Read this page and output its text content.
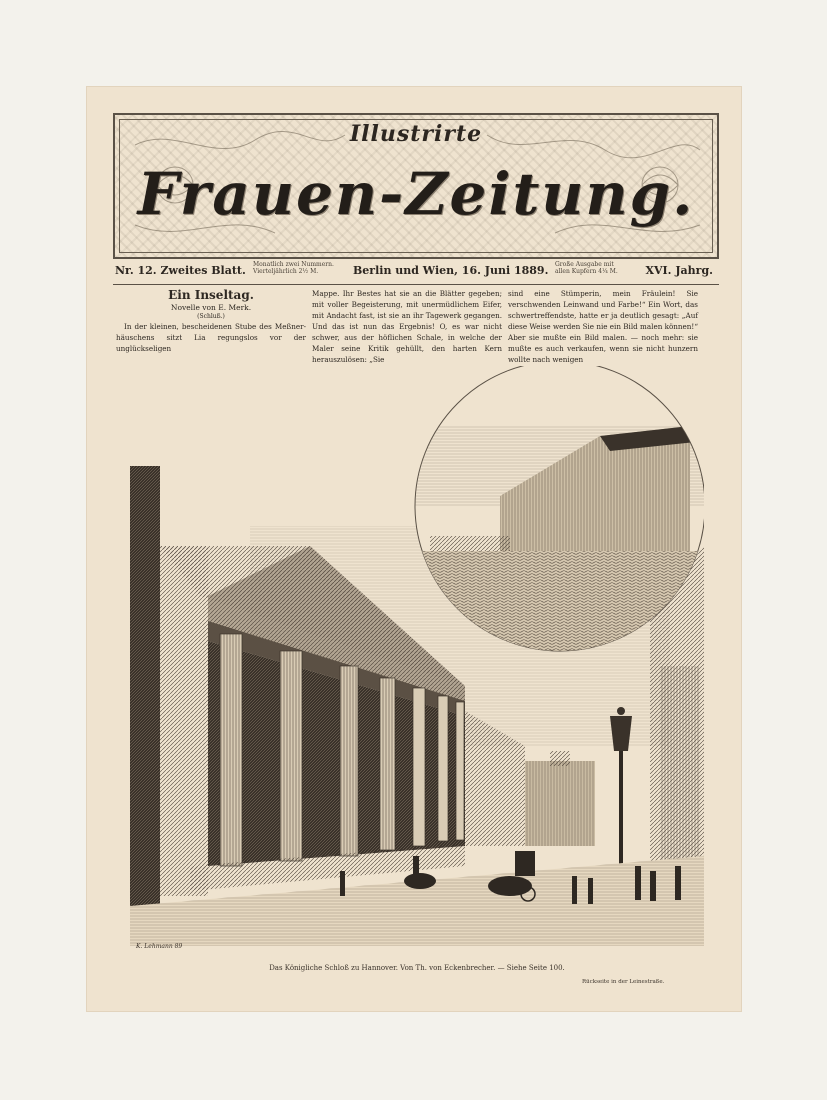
Illustrirte
Frauen-Zeitung.
Nr. 12. Zweites Blatt. Monatlich zwei Nummern.
Vierteljährlich 2½ M.	Berlin und Wien, 16. Juni 1889. Große Ausgabe mit
allen Kupfern 4¼ M.	XVI. Jahrg.
Ein Inseltag.
Novelle von E. Merk.
(Schluß.)

In der kleinen, bescheidenen Stube des Meßner-häuschens sitzt Lia regungslos vor der unglückseligen

Mappe. Ihr Bestes hat sie an die Blätter gegeben; mit voller Begeisterung, mit unermüdlichem Eifer, mit Andacht fast, ist sie an ihr Tagewerk gegangen. Und das ist nun das Ergebnis! O, es war nicht schwer, aus der höflichen Schale, in welche der Maler seine Kritik gehüllt, den harten Kern herauszulösen: „Sie

sind eine Stümperin, mein Fräulein! Sie verschwenden Leinwand und Farbe!“ Ein Wort, das schwertreffendste, hatte er ja deutlich gesagt: „Auf diese Weise werden Sie nie ein Bild malen können!“ Aber sie mußte ein Bild malen. — noch mehr: sie mußte es auch verkaufen, wenn sie nicht hunzern wollte nach wenigen

K. Lehmann 89
Das Königliche Schloß zu Hannover. Von Th. von Eckenbrecher. — Siehe Seite 100.
Rückseite in der Leinestraße.
